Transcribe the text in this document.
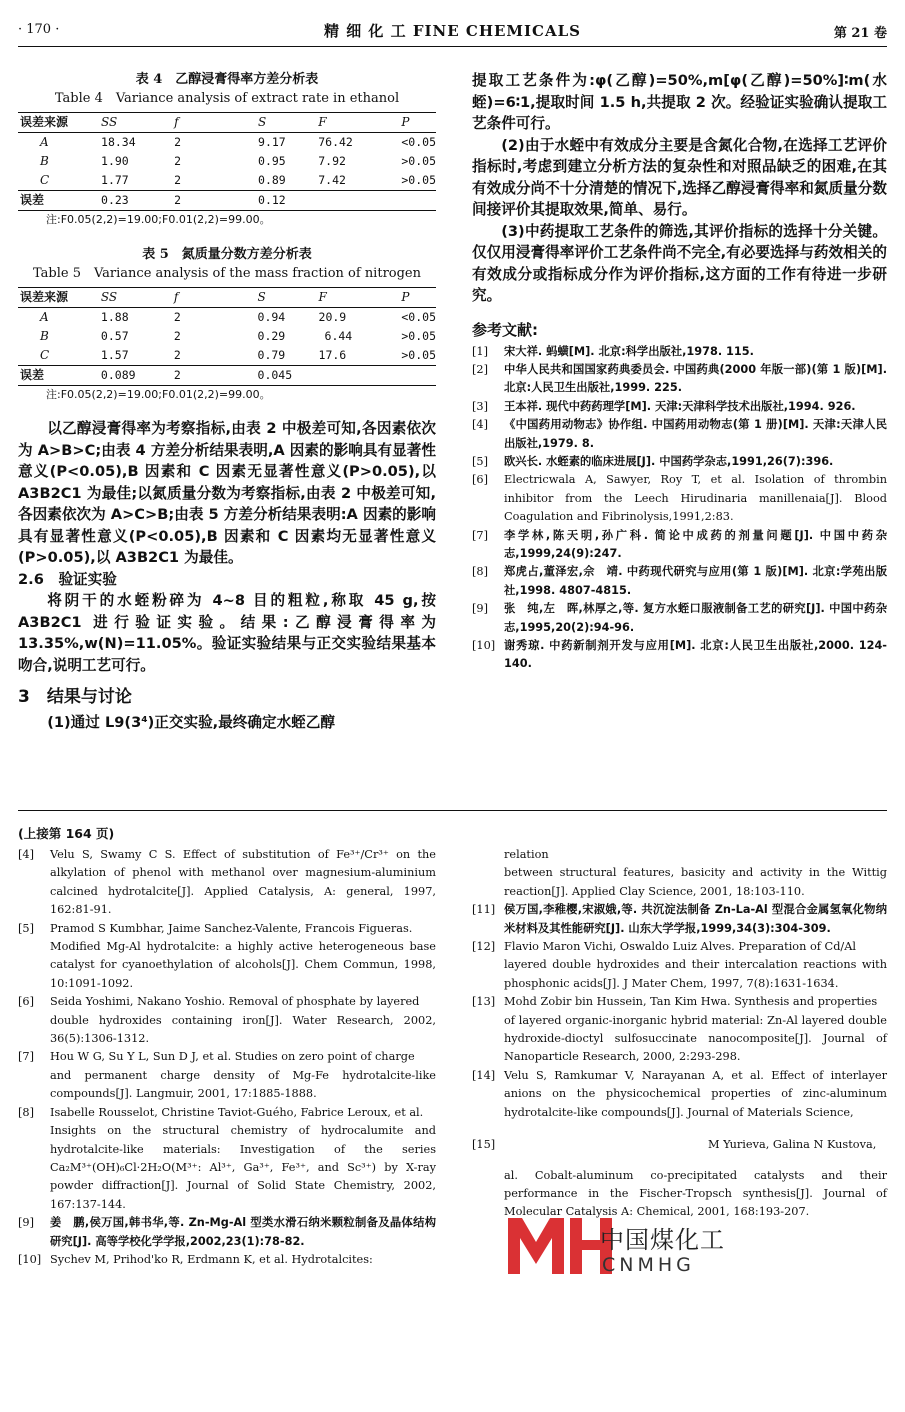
· 170 ·	精 细 化 工 FINE CHEMICALS	第 21 卷
表 4　乙醇浸膏得率方差分析表
Table 4　Variance analysis of extract rate in ethanol
误差来源	SS	f	S	F	P
A	18.34	2	9.17	76.42	<0.05
B	1.90	2	0.95	7.92	>0.05
C	1.77	2	0.89	7.42	>0.05
误差	0.23	2	0.12		
注:F0.05(2,2)=19.00;F0.01(2,2)=99.00。
表 5　氮质量分数方差分析表
Table 5　Variance analysis of the mass fraction of nitrogen
误差来源	SS	f	S	F	P
A	1.88	2	0.94	20.9	<0.05
B	0.57	2	0.29	6.44	>0.05
C	1.57	2	0.79	17.6	>0.05
误差	0.089	2	0.045		
注:F0.05(2,2)=19.00;F0.01(2,2)=99.00。

以乙醇浸膏得率为考察指标,由表 2 中极差可知,各因素依次为 A>B>C;由表 4 方差分析结果表明,A 因素的影响具有显著性意义(P<0.05),B 因素和 C 因素无显著性意义(P>0.05),以 A3B2C1 为最佳;以氮质量分数为考察指标,由表 2 中极差可知,各因素依次为 A>C>B;由表 5 方差分析结果表明:A 因素的影响具有显著性意义(P<0.05),B 因素和 C 因素均无显著性意义(P>0.05),以 A3B2C1 为最佳。

2.6　验证实验

将阴干的水蛭粉碎为 4~8 目的粗粒,称取 45 g,按 A3B2C1 进行验证实验。结果:乙醇浸膏得率为 13.35%,w(N)=11.05%。验证实验结果与正交实验结果基本吻合,说明工艺可行。

3　结果与讨论

(1)通过 L9(3⁴)正交实验,最终确定水蛭乙醇

提取工艺条件为:φ(乙醇)=50%,m[φ(乙醇)=50%]∶m(水蛭)=6∶1,提取时间 1.5 h,共提取 2 次。经验证实验确认提取工艺条件可行。

(2)由于水蛭中有效成分主要是含氮化合物,在选择工艺评价指标时,考虑到建立分析方法的复杂性和对照品缺乏的困难,在其有效成分尚不十分清楚的情况下,选择乙醇浸膏得率和氮质量分数间接评价其提取效果,简单、易行。

(3)中药提取工艺条件的筛选,其评价指标的选择十分关键。仅仅用浸膏得率评价工艺条件尚不完全,有必要选择与药效相关的有效成分或指标成分作为评价指标,这方面的工作有待进一步研究。

参考文献:
[1] 宋大祥. 蚂蟥[M]. 北京:科学出版社,1978. 115.
[2] 中华人民共和国国家药典委员会. 中国药典(2000 年版一部)(第 1 版)[M]. 北京:人民卫生出版社,1999. 225.
[3] 王本祥. 现代中药药理学[M]. 天津:天津科学技术出版社,1994. 926.
[4] 《中国药用动物志》协作组. 中国药用动物志(第 1 册)[M]. 天津:天津人民出版社,1979. 8.
[5] 欧兴长. 水蛭素的临床进展[J]. 中国药学杂志,1991,26(7):396.
[6] Electricwala A, Sawyer, Roy T, et al. Isolation of thrombin inhibitor from the Leech Hirudinaria manillenaia[J]. Blood Coagulation and Fibrinolysis,1991,2:83.
[7] 李学林,陈天明,孙广科. 简论中成药的剂量问题[J]. 中国中药杂志,1999,24(9):247.
[8] 郑虎占,董泽宏,佘　靖. 中药现代研究与应用(第 1 版)[M]. 北京:学苑出版社,1998. 4807-4815.
[9] 张　纯,左　晖,林厚之,等. 复方水蛭口服液制备工艺的研究[J]. 中国中药杂志,1995,20(2):94-96.
[10] 谢秀琼. 中药新制剂开发与应用[M]. 北京:人民卫生出版社,2000. 124-140.
(上接第 164 页)
[4] Velu S, Swamy C S. Effect of substitution of Fe³⁺/Cr³⁺ on the alkylation of phenol with methanol over magnesium-aluminium calcined hydrotalcite[J]. Applied Catalysis, A: general, 1997, 162:81-91.
[5] Pramod S Kumbhar, Jaime Sanchez-Valente, Francois Figueras.
Modified Mg-Al hydrotalcite: a highly active heterogeneous base catalyst for cyanoethylation of alcohols[J]. Chem Commun, 1998, 10:1091-1092.
[6] Seida Yoshimi, Nakano Yoshio. Removal of phosphate by layered
double hydroxides containing iron[J]. Water Research, 2002, 36(5):1306-1312.
[7] Hou W G, Su Y L, Sun D J, et al. Studies on zero point of charge
and permanent charge density of Mg-Fe hydrotalcite-like compounds[J]. Langmuir, 2001, 17:1885-1888.
[8] Isabelle Rousselot, Christine Taviot-Guého, Fabrice Leroux, et al.
Insights on the structural chemistry of hydrocalumite and hydrotalcite-like materials: Investigation of the series Ca₂M³⁺(OH)₆Cl·2H₂O(M³⁺: Al³⁺, Ga³⁺, Fe³⁺, and Sc³⁺) by X-ray powder diffraction[J]. Journal of Solid State Chemistry, 2002, 167:137-144.
[9] 姜　鹏,侯万国,韩书华,等. Zn-Mg-Al 型类水滑石纳米颗粒制备及晶体结构研究[J]. 高等学校化学学报,2002,23(1):78-82.
[10] Sychev M, Prihod'ko R, Erdmann K, et al. Hydrotalcites:
relation
between structural features, basicity and activity in the Wittig reaction[J]. Applied Clay Science, 2001, 18:103-110.
[11] 侯万国,李稚樱,宋淑娥,等. 共沉淀法制备 Zn-La-Al 型混合金属氢氧化物纳米材料及其性能研究[J]. 山东大学学报,1999,34(3):304-309.
[12] Flavio Maron Vichi, Oswaldo Luiz Alves. Preparation of Cd/Al
layered double hydroxides and their intercalation reactions with phosphonic acids[J]. J Mater Chem, 1997, 7(8):1631-1634.
[13] Mohd Zobir bin Hussein, Tan Kim Hwa. Synthesis and properties
of layered organic-inorganic hybrid material: Zn-Al layered double hydroxide-dioctyl sulfosuccinate nanocomposite[J]. Journal of Nanoparticle Research, 2000, 2:293-298.
[14] Velu S, Ramkumar V, Narayanan A, et al. Effect of interlayer anions on the physicochemical properties of zinc-aluminum hydrotalcite-like compounds[J]. Journal of Materials Science,
[15]	M Yurieva, Galina N Kustova,
al. Cobalt-aluminum co-precipitated catalysts and their performance in the Fischer-Tropsch synthesis[J]. Journal of Molecular Catalysis A: Chemical, 2001, 168:193-207.
中国煤化工
CNMHG
